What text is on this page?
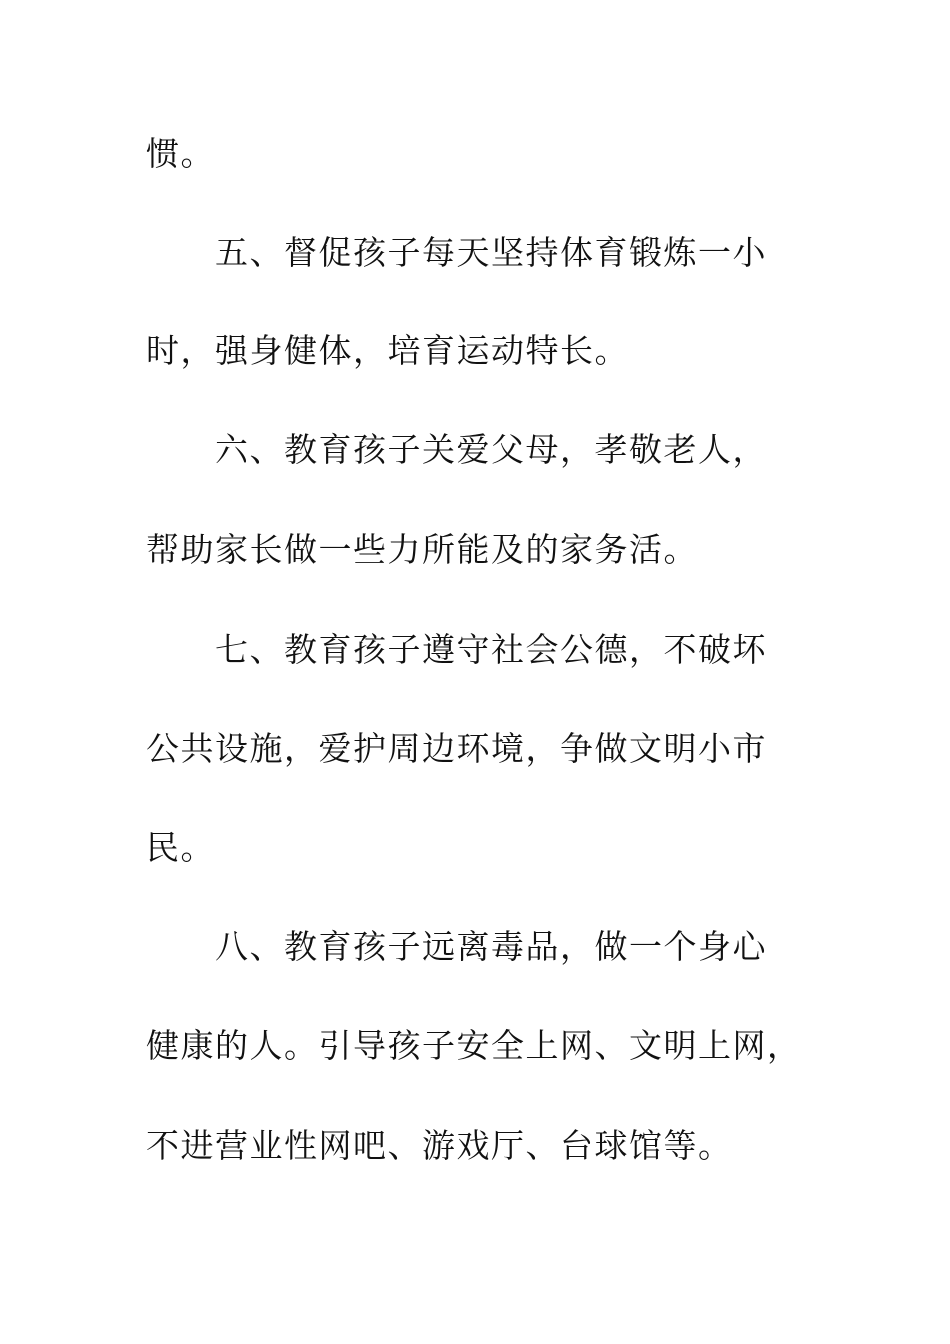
惯。
五、督促孩子每天坚持体育锻炼一小
时，强身健体，培育运动特长。
六、教育孩子关爱父母，孝敬老人，
帮助家长做一些力所能及的家务活。
七、教育孩子遵守社会公德，不破坏
公共设施，爱护周边环境，争做文明小市
民。
八、教育孩子远离毒品，做一个身心
健康的人。引导孩子安全上网、文明上网，
不进营业性网吧、游戏厅、台球馆等。
